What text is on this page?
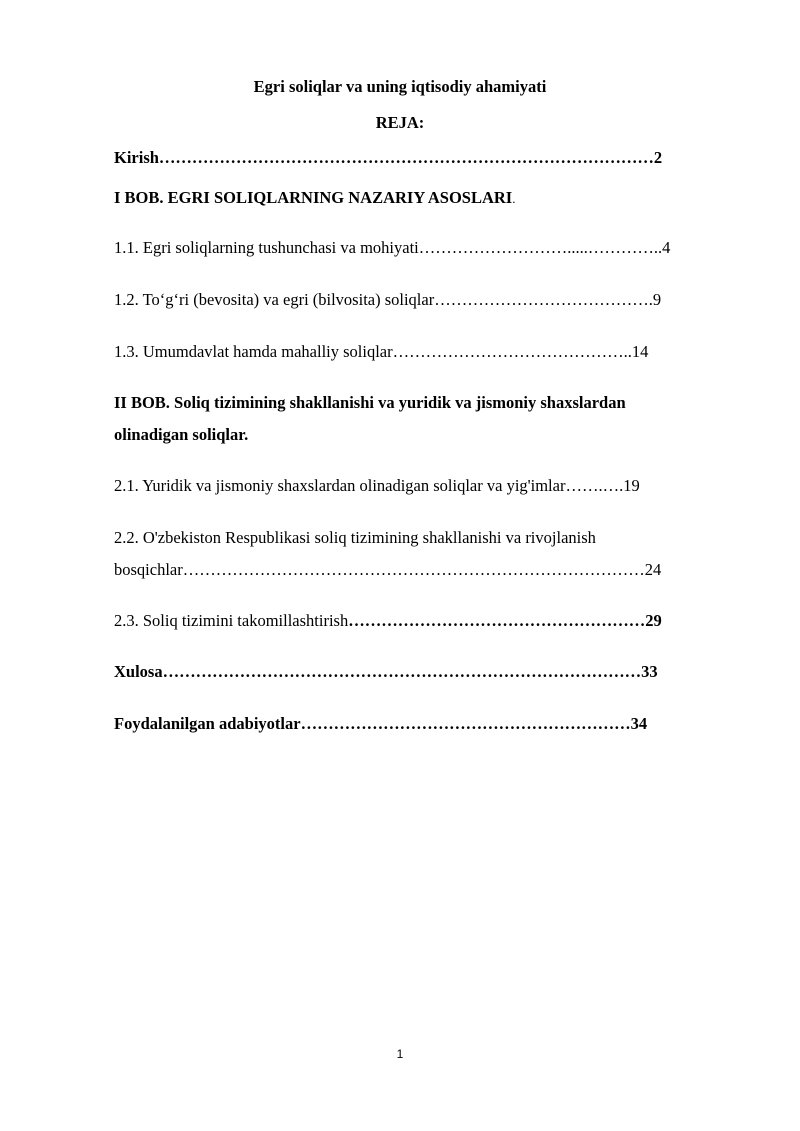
Egri soliqlar va uning iqtisodiy ahamiyati
REJA:
Kirish………………………………………………………………………………2
I BOB. EGRI SOLIQLARNING NAZARIY ASOSLARI.
1.1. Egri soliqlarning tushunchasi va mohiyati……………………….....…………..4
1.2. To‘g‘ri (bevosita) va egri (bilvosita) soliqlar………………………………….9
1.3. Umumdavlat hamda mahalliy soliqlar……………………………………..14
II BOB. Soliq tizimining shakllanishi va yuridik va jismoniy shaxslardan
olinadigan soliqlar.
2.1. Yuridik va jismoniy shaxslardan olinadigan soliqlar va yig'imlar…….….19
2.2. O'zbekiston Respublikasi soliq tizimining shakllanishi va rivojlanish
bosqichlar…………………………………………………………………………24
2.3. Soliq tizimini takomillashtirish………………………………………………29
Xulosa……………………………………………………………………………33
Foydalanilgan adabiyotlar……………………………………………………34
1
